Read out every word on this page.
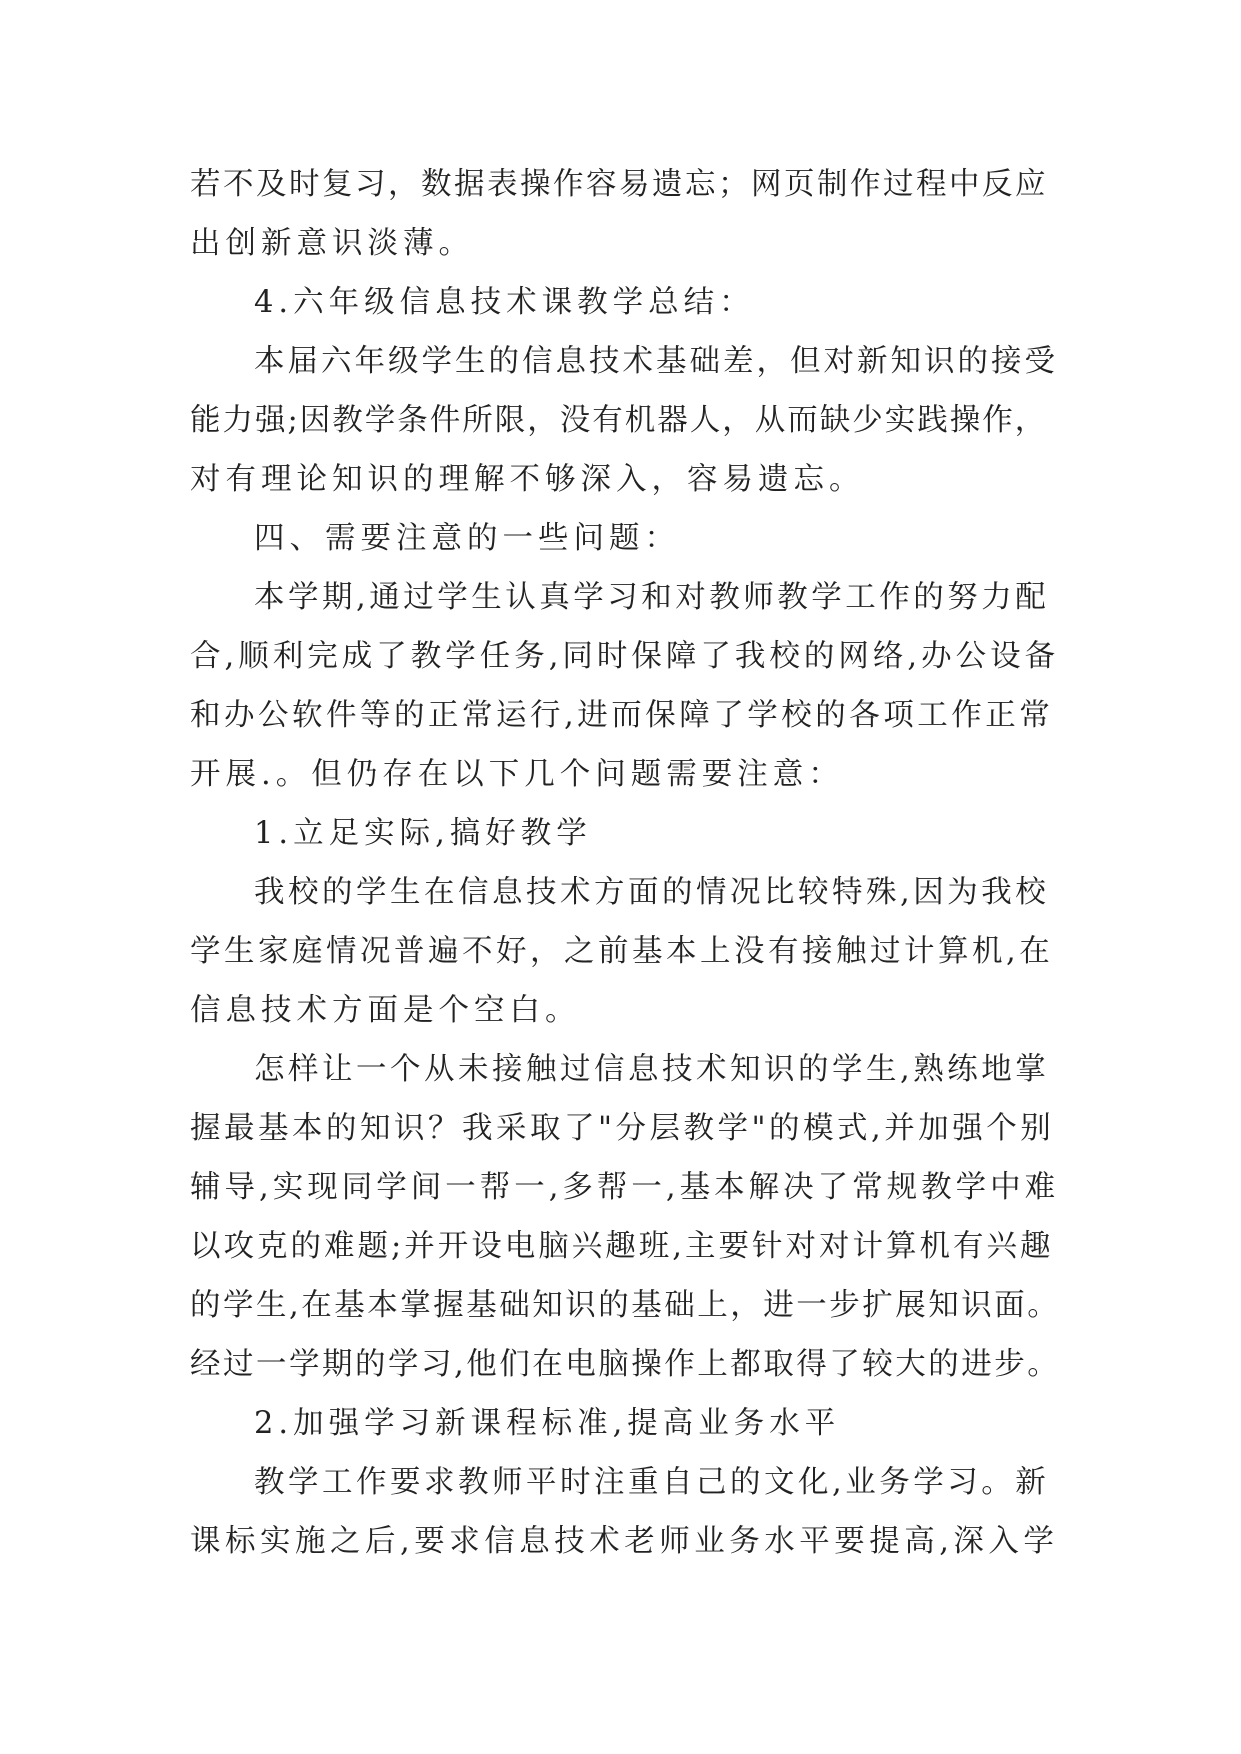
若不及时复习，数据表操作容易遗忘；网页制作过程中反应
出创新意识淡薄。
4.六年级信息技术课教学总结：
本届六年级学生的信息技术基础差，但对新知识的接受
能力强;因教学条件所限，没有机器人，从而缺少实践操作，
对有理论知识的理解不够深入，容易遗忘。
四、需要注意的一些问题：
本学期,通过学生认真学习和对教师教学工作的努力配
合,顺利完成了教学任务,同时保障了我校的网络,办公设备
和办公软件等的正常运行,进而保障了学校的各项工作正常
开展.。但仍存在以下几个问题需要注意：
1.立足实际,搞好教学
我校的学生在信息技术方面的情况比较特殊,因为我校
学生家庭情况普遍不好，之前基本上没有接触过计算机,在
信息技术方面是个空白。
怎样让一个从未接触过信息技术知识的学生,熟练地掌
握最基本的知识？我采取了"分层教学"的模式,并加强个别
辅导,实现同学间一帮一,多帮一,基本解决了常规教学中难
以攻克的难题;并开设电脑兴趣班,主要针对对计算机有兴趣
的学生,在基本掌握基础知识的基础上，进一步扩展知识面。
经过一学期的学习,他们在电脑操作上都取得了较大的进步。
2.加强学习新课程标准,提高业务水平
教学工作要求教师平时注重自己的文化,业务学习。新
课标实施之后,要求信息技术老师业务水平要提高,深入学
